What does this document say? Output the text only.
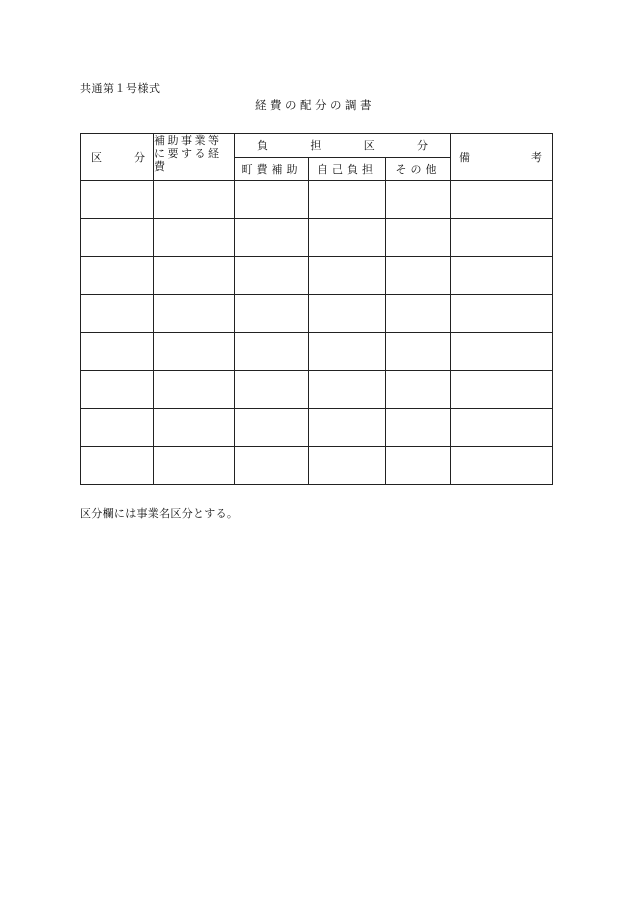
共通第１号様式
経費の配分の調書
区 分	補助事業等に要する経費	負 担 区 分			備 考

		町費補助	自己負担	その他	

区分欄には事業名区分とする。
